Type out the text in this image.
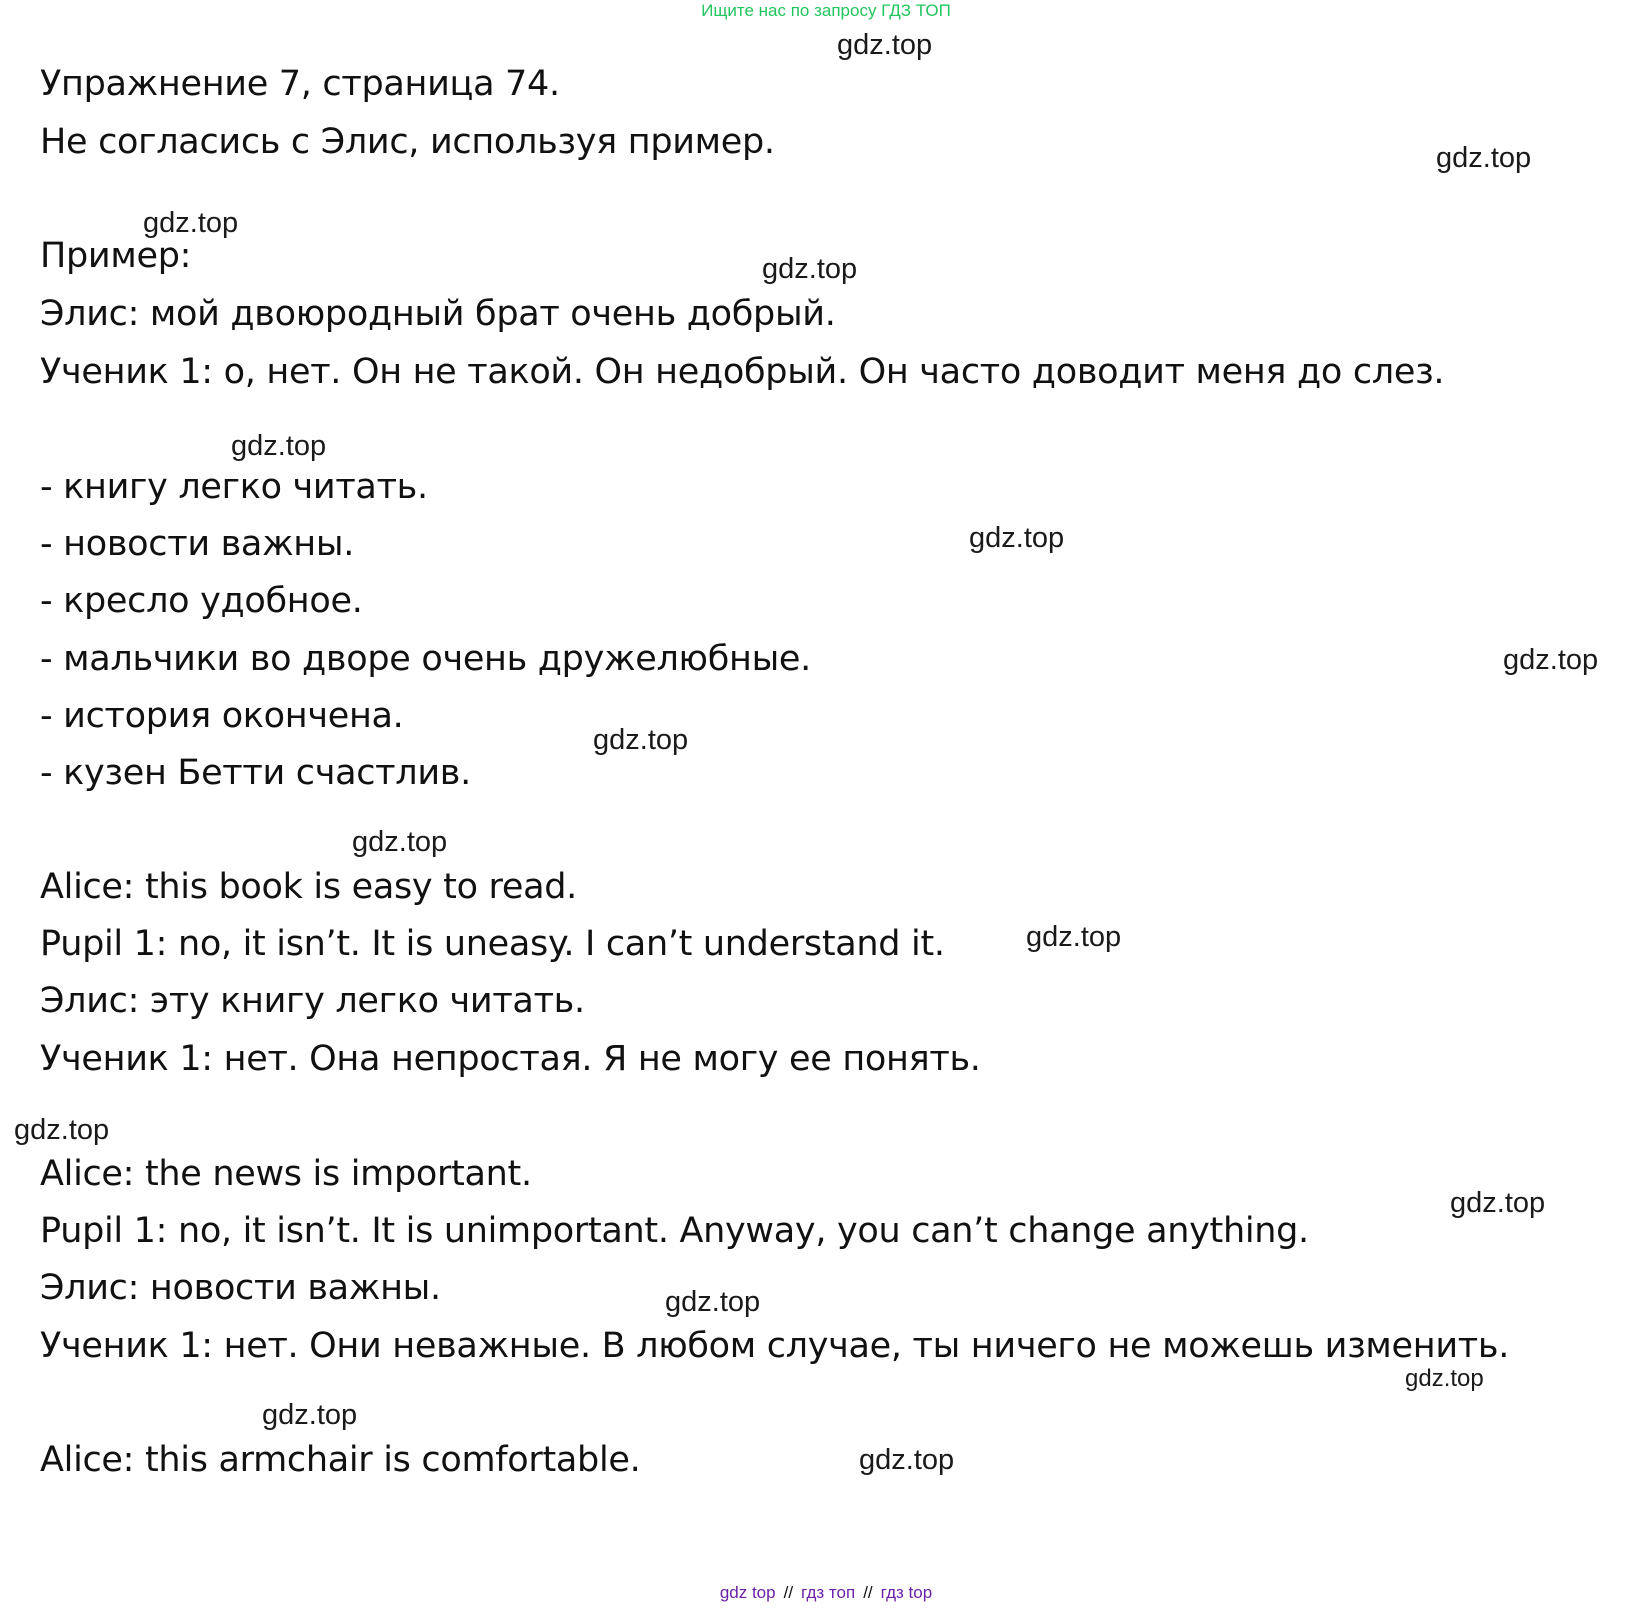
Ищите нас по запросу ГДЗ ТОП
Упражнение 7, страница 74.
Не согласись с Элис, используя пример.
Пример:
Элис: мой двоюродный брат очень добрый.
Ученик 1: о, нет. Он не такой. Он недобрый. Он часто доводит меня до слез.
- книгу легко читать.
- новости важны.
- кресло удобное.
- мальчики во дворе очень дружелюбные.
- история окончена.
- кузен Бетти счастлив.
Alice: this book is easy to read.
Pupil 1: no, it isn’t. It is uneasy. I can’t understand it.
Элис: эту книгу легко читать.
Ученик 1: нет. Она непростая. Я не могу ее понять.
Alice: the news is important.
Pupil 1: no, it isn’t. It is unimportant. Anyway, you can’t change anything.
Элис: новости важны.
Ученик 1: нет. Они неважные. В любом случае, ты ничего не можешь изменить.
Alice: this armchair is comfortable.
gdz.top
gdz.top
gdz.top
gdz.top
gdz.top
gdz.top
gdz.top
gdz.top
gdz.top
gdz.top
gdz.top
gdz.top
gdz.top
gdz.top
gdz.top
gdz.top
gdz top // гдз топ // гдз top
